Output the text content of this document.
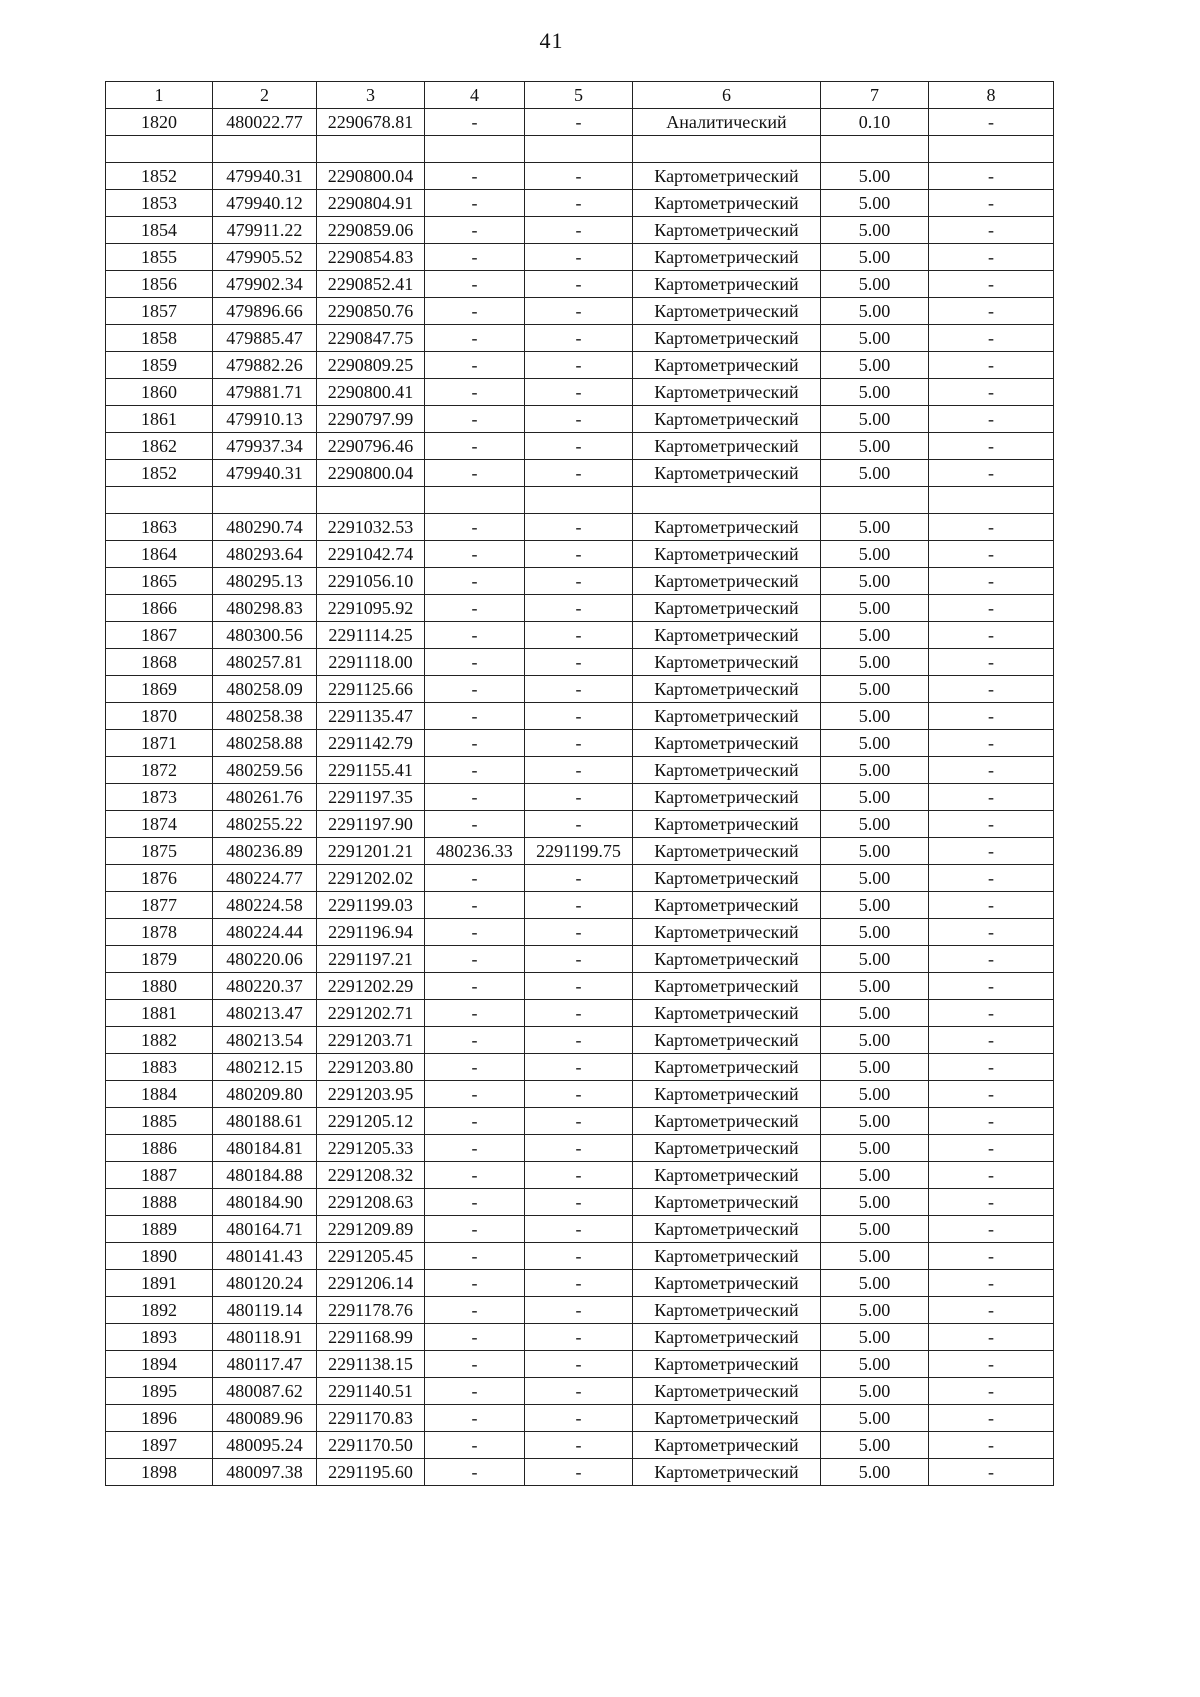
41
1	2	3	4	5	6	7	8
1820	480022.77	2290678.81	-	-	Аналитический	0.10	-

1852	479940.31	2290800.04	-	-	Картометрический	5.00	-
1853	479940.12	2290804.91	-	-	Картометрический	5.00	-
1854	479911.22	2290859.06	-	-	Картометрический	5.00	-
1855	479905.52	2290854.83	-	-	Картометрический	5.00	-
1856	479902.34	2290852.41	-	-	Картометрический	5.00	-
1857	479896.66	2290850.76	-	-	Картометрический	5.00	-
1858	479885.47	2290847.75	-	-	Картометрический	5.00	-
1859	479882.26	2290809.25	-	-	Картометрический	5.00	-
1860	479881.71	2290800.41	-	-	Картометрический	5.00	-
1861	479910.13	2290797.99	-	-	Картометрический	5.00	-
1862	479937.34	2290796.46	-	-	Картометрический	5.00	-
1852	479940.31	2290800.04	-	-	Картометрический	5.00	-

1863	480290.74	2291032.53	-	-	Картометрический	5.00	-
1864	480293.64	2291042.74	-	-	Картометрический	5.00	-
1865	480295.13	2291056.10	-	-	Картометрический	5.00	-
1866	480298.83	2291095.92	-	-	Картометрический	5.00	-
1867	480300.56	2291114.25	-	-	Картометрический	5.00	-
1868	480257.81	2291118.00	-	-	Картометрический	5.00	-
1869	480258.09	2291125.66	-	-	Картометрический	5.00	-
1870	480258.38	2291135.47	-	-	Картометрический	5.00	-
1871	480258.88	2291142.79	-	-	Картометрический	5.00	-
1872	480259.56	2291155.41	-	-	Картометрический	5.00	-
1873	480261.76	2291197.35	-	-	Картометрический	5.00	-
1874	480255.22	2291197.90	-	-	Картометрический	5.00	-
1875	480236.89	2291201.21	480236.33	2291199.75	Картометрический	5.00	-
1876	480224.77	2291202.02	-	-	Картометрический	5.00	-
1877	480224.58	2291199.03	-	-	Картометрический	5.00	-
1878	480224.44	2291196.94	-	-	Картометрический	5.00	-
1879	480220.06	2291197.21	-	-	Картометрический	5.00	-
1880	480220.37	2291202.29	-	-	Картометрический	5.00	-
1881	480213.47	2291202.71	-	-	Картометрический	5.00	-
1882	480213.54	2291203.71	-	-	Картометрический	5.00	-
1883	480212.15	2291203.80	-	-	Картометрический	5.00	-
1884	480209.80	2291203.95	-	-	Картометрический	5.00	-
1885	480188.61	2291205.12	-	-	Картометрический	5.00	-
1886	480184.81	2291205.33	-	-	Картометрический	5.00	-
1887	480184.88	2291208.32	-	-	Картометрический	5.00	-
1888	480184.90	2291208.63	-	-	Картометрический	5.00	-
1889	480164.71	2291209.89	-	-	Картометрический	5.00	-
1890	480141.43	2291205.45	-	-	Картометрический	5.00	-
1891	480120.24	2291206.14	-	-	Картометрический	5.00	-
1892	480119.14	2291178.76	-	-	Картометрический	5.00	-
1893	480118.91	2291168.99	-	-	Картометрический	5.00	-
1894	480117.47	2291138.15	-	-	Картометрический	5.00	-
1895	480087.62	2291140.51	-	-	Картометрический	5.00	-
1896	480089.96	2291170.83	-	-	Картометрический	5.00	-
1897	480095.24	2291170.50	-	-	Картометрический	5.00	-
1898	480097.38	2291195.60	-	-	Картометрический	5.00	-
